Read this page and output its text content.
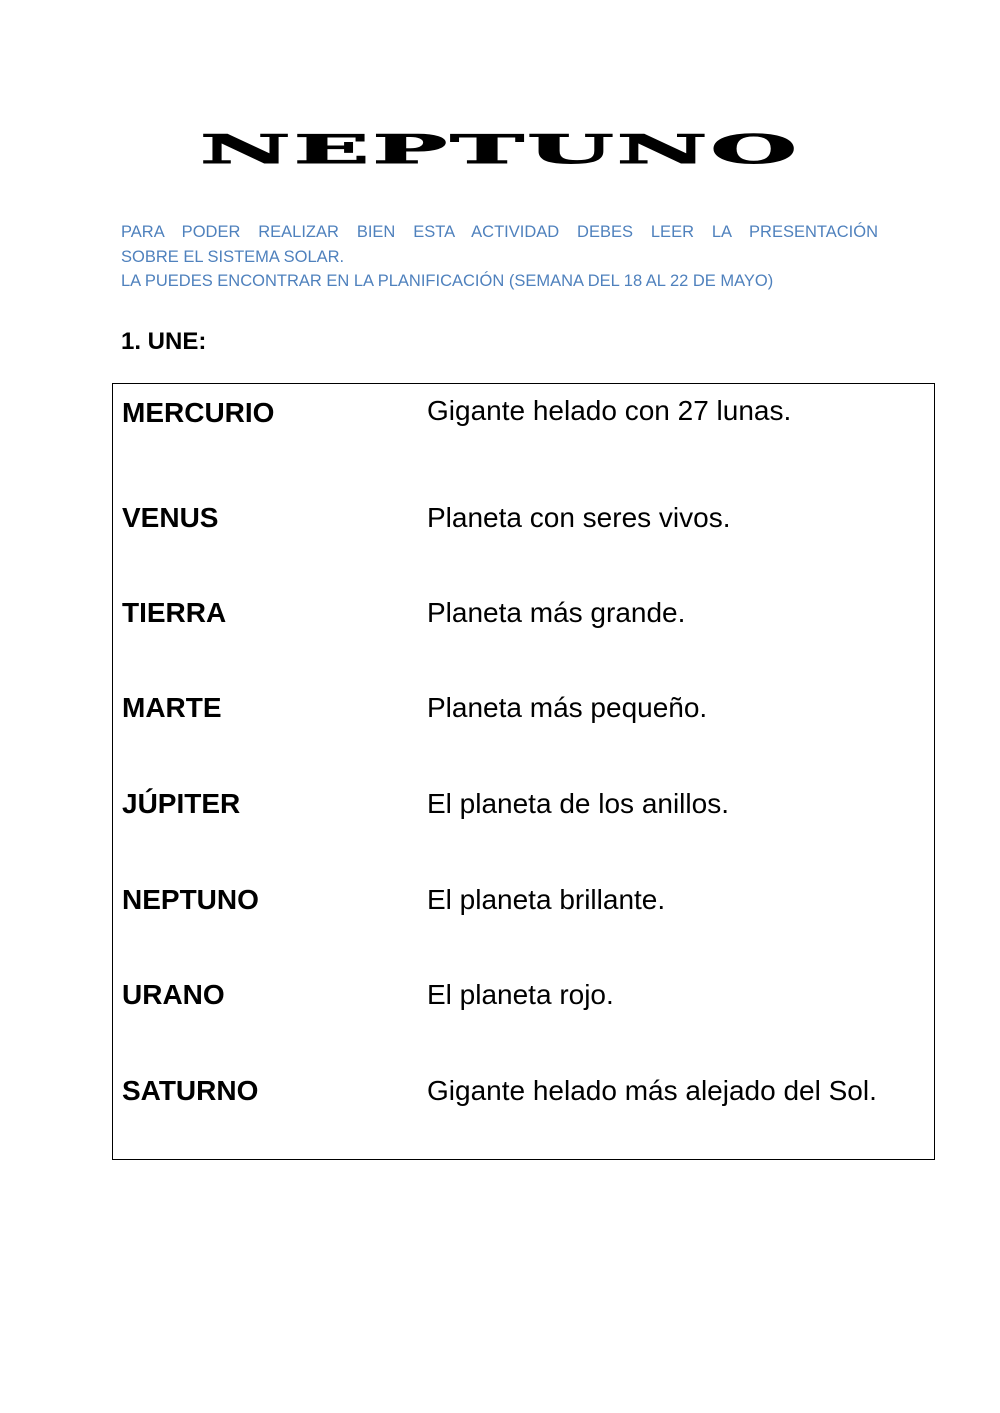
NEPTUNO
PARA PODER REALIZAR BIEN ESTA ACTIVIDAD DEBES LEER LA PRESENTACIÓN
SOBRE EL SISTEMA SOLAR.
LA PUEDES ENCONTRAR EN LA PLANIFICACIÓN (SEMANA DEL 18 AL 22 DE MAYO)
1. UNE:
MERCURIO	Gigante helado con 27 lunas.
VENUS	Planeta con seres vivos.
TIERRA	Planeta más grande.
MARTE	Planeta más pequeño.
JÚPITER	El planeta de los anillos.
NEPTUNO	El planeta brillante.
URANO	El planeta rojo.
SATURNO	Gigante helado más alejado del Sol.
